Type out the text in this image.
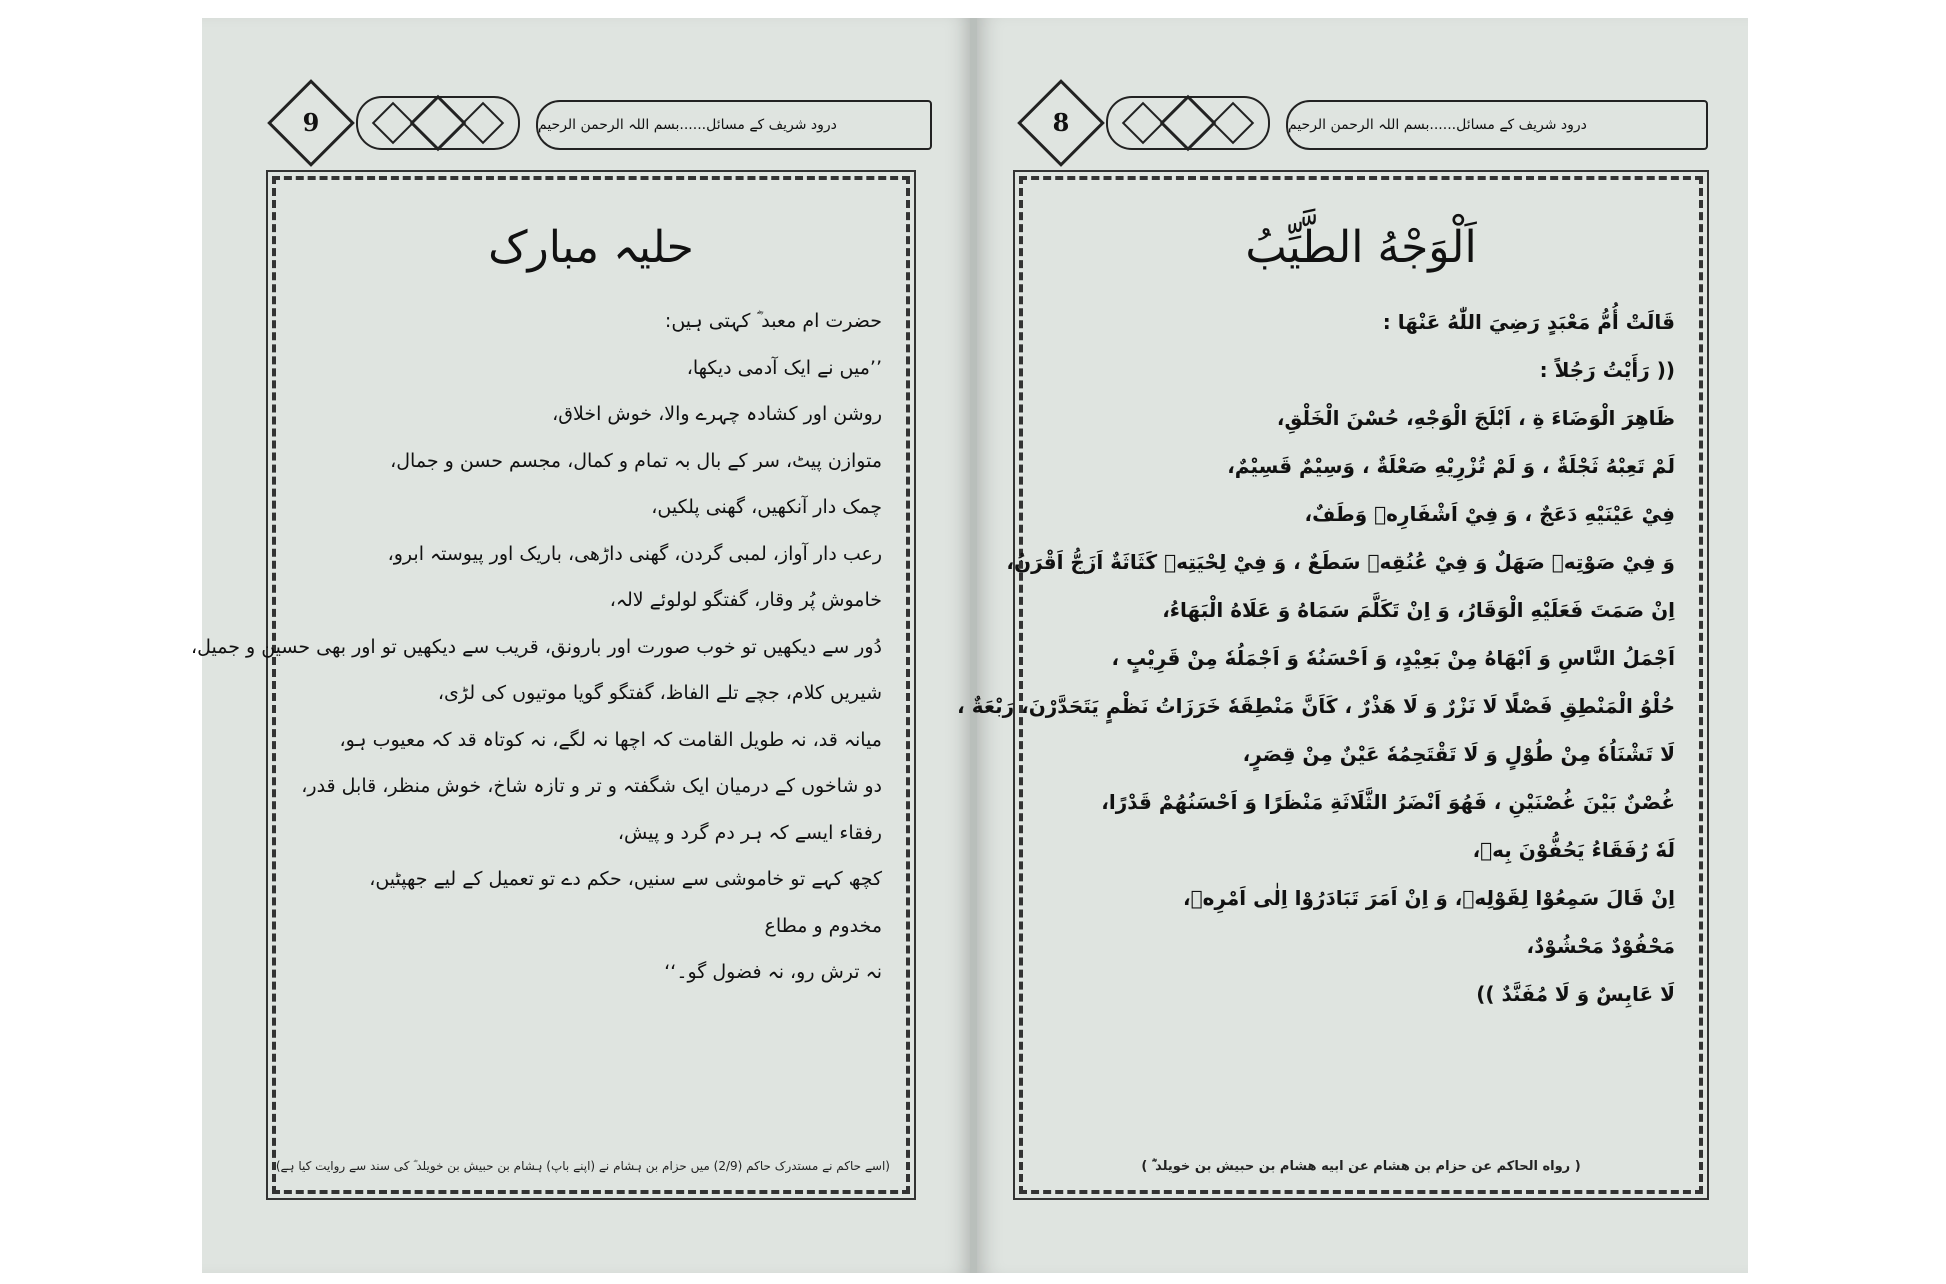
9	درود شریف کے مسائل......بسم اللہ الرحمن الرحیم
حلیہ مبارک
حضرت ام معبد ؓ کہتی ہیں:
’’میں نے ایک آدمی دیکھا،
روشن اور کشادہ چہرے والا، خوش اخلاق،
متوازن پیٹ، سر کے بال بہ تمام و کمال، مجسم حسن و جمال،
چمک دار آنکھیں، گھنی پلکیں،
رعب دار آواز، لمبی گردن، گھنی داڑھی، باریک اور پیوستہ ابرو،
خاموش پُر وقار، گفتگو لولوئے لالہ،
دُور سے دیکھیں تو خوب صورت اور بارونق، قریب سے دیکھیں تو اور بھی حسین و جمیل،
شیریں کلام، جچے تلے الفاظ، گفتگو گویا موتیوں کی لڑی،
میانہ قد، نہ طویل القامت کہ اچھا نہ لگے، نہ کوتاہ قد کہ معیوب ہو،
دو شاخوں کے درمیان ایک شگفتہ و تر و تازہ شاخ، خوش منظر، قابل قدر،
رفقاء ایسے کہ ہر دم گرد و پیش،
کچھ کہے تو خاموشی سے سنیں، حکم دے تو تعمیل کے لیے جھپٹیں،
مخدوم و مطاع
نہ ترش رو، نہ فضول گو۔‘‘
(اسے حاکم نے مستدرک حاکم (2/9) میں حزام بن ہشام نے (اپنے باپ) ہشام بن حبیش بن خویلد ؓ کی سند سے روایت کیا ہے)
8	درود شریف کے مسائل......بسم اللہ الرحمن الرحیم
اَلْوَجْهُ الطَّيِّبُ
قَالَتْ أُمُّ مَعْبَدٍ رَضِيَ اللّٰهُ عَنْهَا :
(( رَأَيْتُ رَجُلاً :
ظَاهِرَ الْوَضَاءَ ةِ ، اَبْلَجَ الْوَجْهِ، حُسْنَ الْخَلْقِ،
لَمْ تَعِبْهُ ثَجْلَةٌ ، وَ لَمْ تُزْرِيْهِ صَعْلَةٌ ، وَسِيْمٌ قَسِيْمٌ،
فِيْ عَيْنَيْهِ دَعَجٌ ، وَ فِيْ اَشْفَارِهٖ وَطَفٌ،
وَ فِيْ صَوْتِهٖ صَهَلٌ وَ فِيْ عُنُقِهٖ سَطَعٌ ، وَ فِيْ لِحْيَتِهٖ كَثَاثَةٌ اَزَجُّ اَقْرَنُ،
اِنْ صَمَتَ فَعَلَيْهِ الْوَقَارُ، وَ اِنْ تَكَلَّمَ سَمَاهُ وَ عَلَاهُ الْبَهَاءُ،
اَجْمَلُ النَّاسِ وَ اَبْهَاهُ مِنْ بَعِيْدٍ، وَ اَحْسَنُهٗ وَ اَجْمَلُهٗ مِنْ قَرِيْبٍ ،
حُلْوُ الْمَنْطِقِ فَصْلًا لَا نَزْرٌ وَ لَا هَذْرٌ ، كَاَنَّ مَنْطِقَهٗ خَرَزَاتُ نَظْمٍ يَتَحَدَّرْنَ، رَبْعَةٌ ،
لَا تَشْنَاُهٗ مِنْ طُوْلٍ وَ لَا تَقْتَحِمُهٗ عَيْنٌ مِنْ قِصَرٍ،
غُصْنٌ بَيْنَ غُصْنَيْنِ ، فَهُوَ اَنْضَرُ الثَّلَاثَةِ مَنْظَرًا وَ اَحْسَنُهُمْ قَدْرًا،
لَهٗ رُفَقَاءُ يَحُفُّوْنَ بِهٖ،
اِنْ قَالَ سَمِعُوْا لِقَوْلِهٖ، وَ اِنْ اَمَرَ تَبَادَرُوْا اِلٰى اَمْرِهٖ،
مَحْفُوْدٌ مَحْشُوْدٌ،
لَا عَابِسٌ وَ لَا مُفَنَّدٌ ))
( رواه الحاكم عن حزام بن هشام عن ابيه هشام بن حبيش بن خويلد ؓ )
